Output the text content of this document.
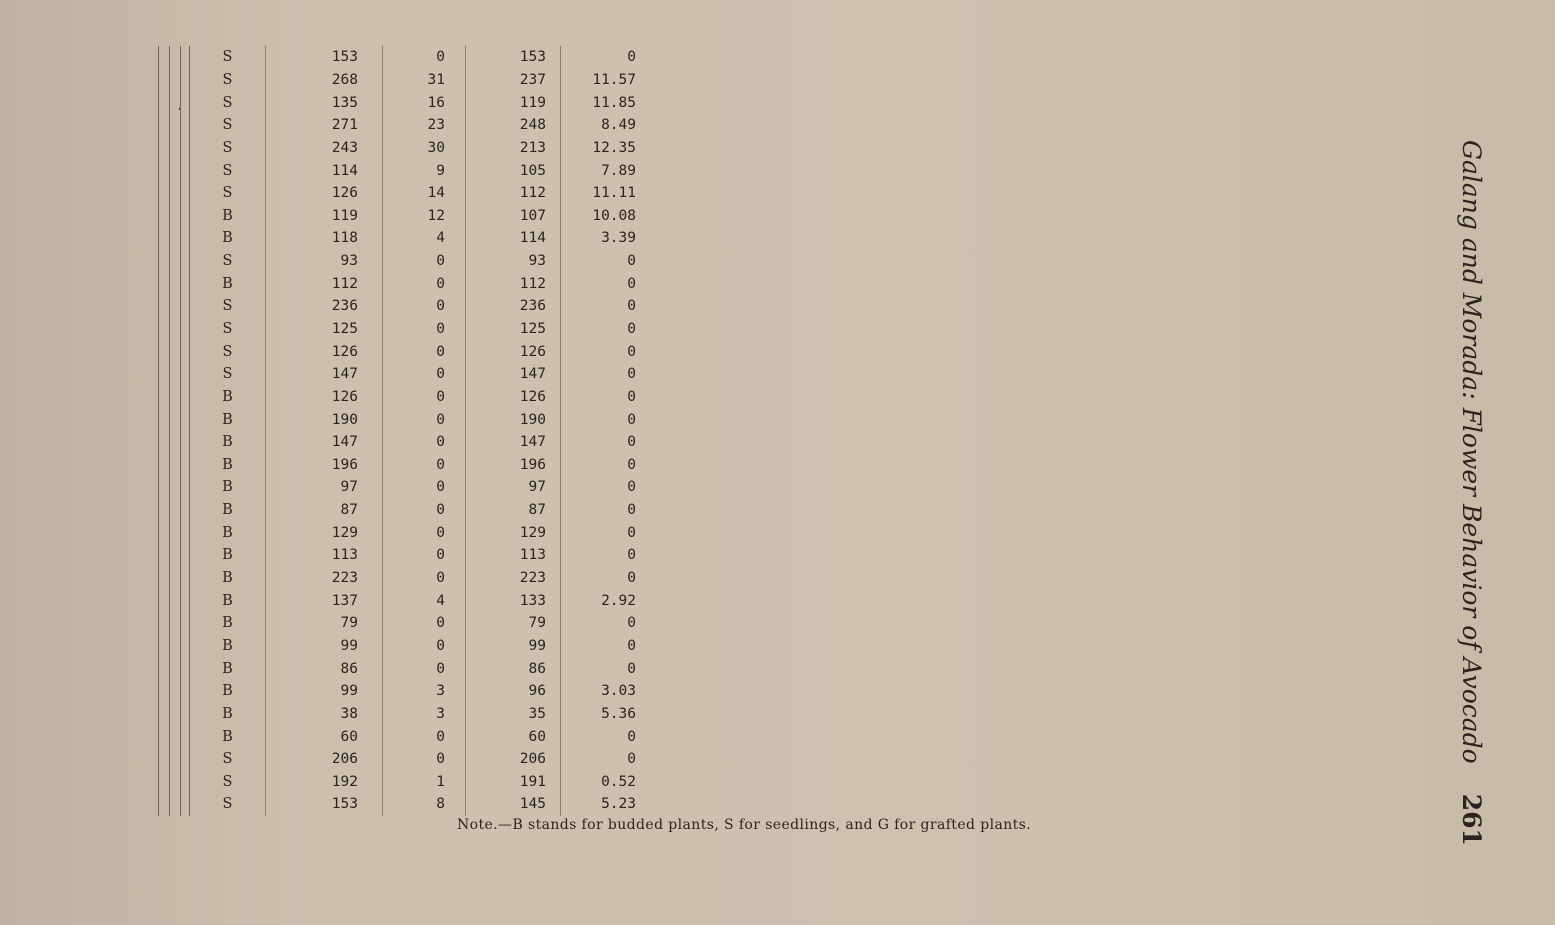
- - -	- - -	- - -	- - -	S	153	0	153	0
- - -	- - -	- - -	- - -	S	268	31	237	11.57
- - -	- - -	- - -	- - -	S	135	16	119	11.85
- - -	- - -	- - -	- - -	S	271	23	248	8.49
- - -	- - -	- - -	- - -	S	243	30	213	12.35
- - -	- - -	- - -	- - -	S	114	9	105	7.89
- - -	- - -	- - -	- - -	S	126	14	112	11.11
- - -	- - -	- - -	- - -	B	119	12	107	10.08
- - -	- - -	- - -	- - -	B	118	4	114	3.39
- - -	- - -	- - -	- - -	S	93	0	93	0
- - -	- - -	- - -	- - -	B	112	0	112	0
- - -	- - -	- - -	- - -	S	236	0	236	0
- - -	- - -	- - -	- - -	S	125	0	125	0
- - -	- - -	- - -	- - -	S	126	0	126	0
- - -	- - -	- - -	- - -	S	147	0	147	0
- - -	- - -	- - -	- - -	B	126	0	126	0
- - -	- - -	- - -	- - -	B	190	0	190	0
- - -	- - -	- - -	- - -	B	147	0	147	0
- - -	- - -	- - -	- - -	B	196	0	196	0
- - -	- - -	- - -	- - -	B	97	0	97	0
- - -	- - -	- - -	- - -	B	87	0	87	0
- - -	- - -	- - -	- - -	B	129	0	129	0
- - -	- - -	- - -	- - -	B	113	0	113	0
- - -	- - -	- - -	- - -	B	223	0	223	0
- - -	- - -	- - -	- - -	B	137	4	133	2.92
- - -	- - -	- - -	- - -	B	79	0	79	0
- - -	- - -	- - -	- - -	B	99	0	99	0
- - -	- - -	- - -	- - -	B	86	0	86	0
- - -	- - -	- - -	- - -	B	99	3	96	3.03
- - -	- - -	- - -	- - -	B	38	3	35	5.36
- - -	- - -	- - -	- - -	B	60	0	60	0
- - -	- - -	- - -	- - -	S	206	0	206	0
- - -	- - -	- - -	- - -	S	192	1	191	0.52
- - -	- - -	- - -	- - -	S	153	8	145	5.23
Note.—B stands for budded plants, S for seedlings, and G for grafted plants.
Galang and Morada: Flower Behavior of Avocado261
